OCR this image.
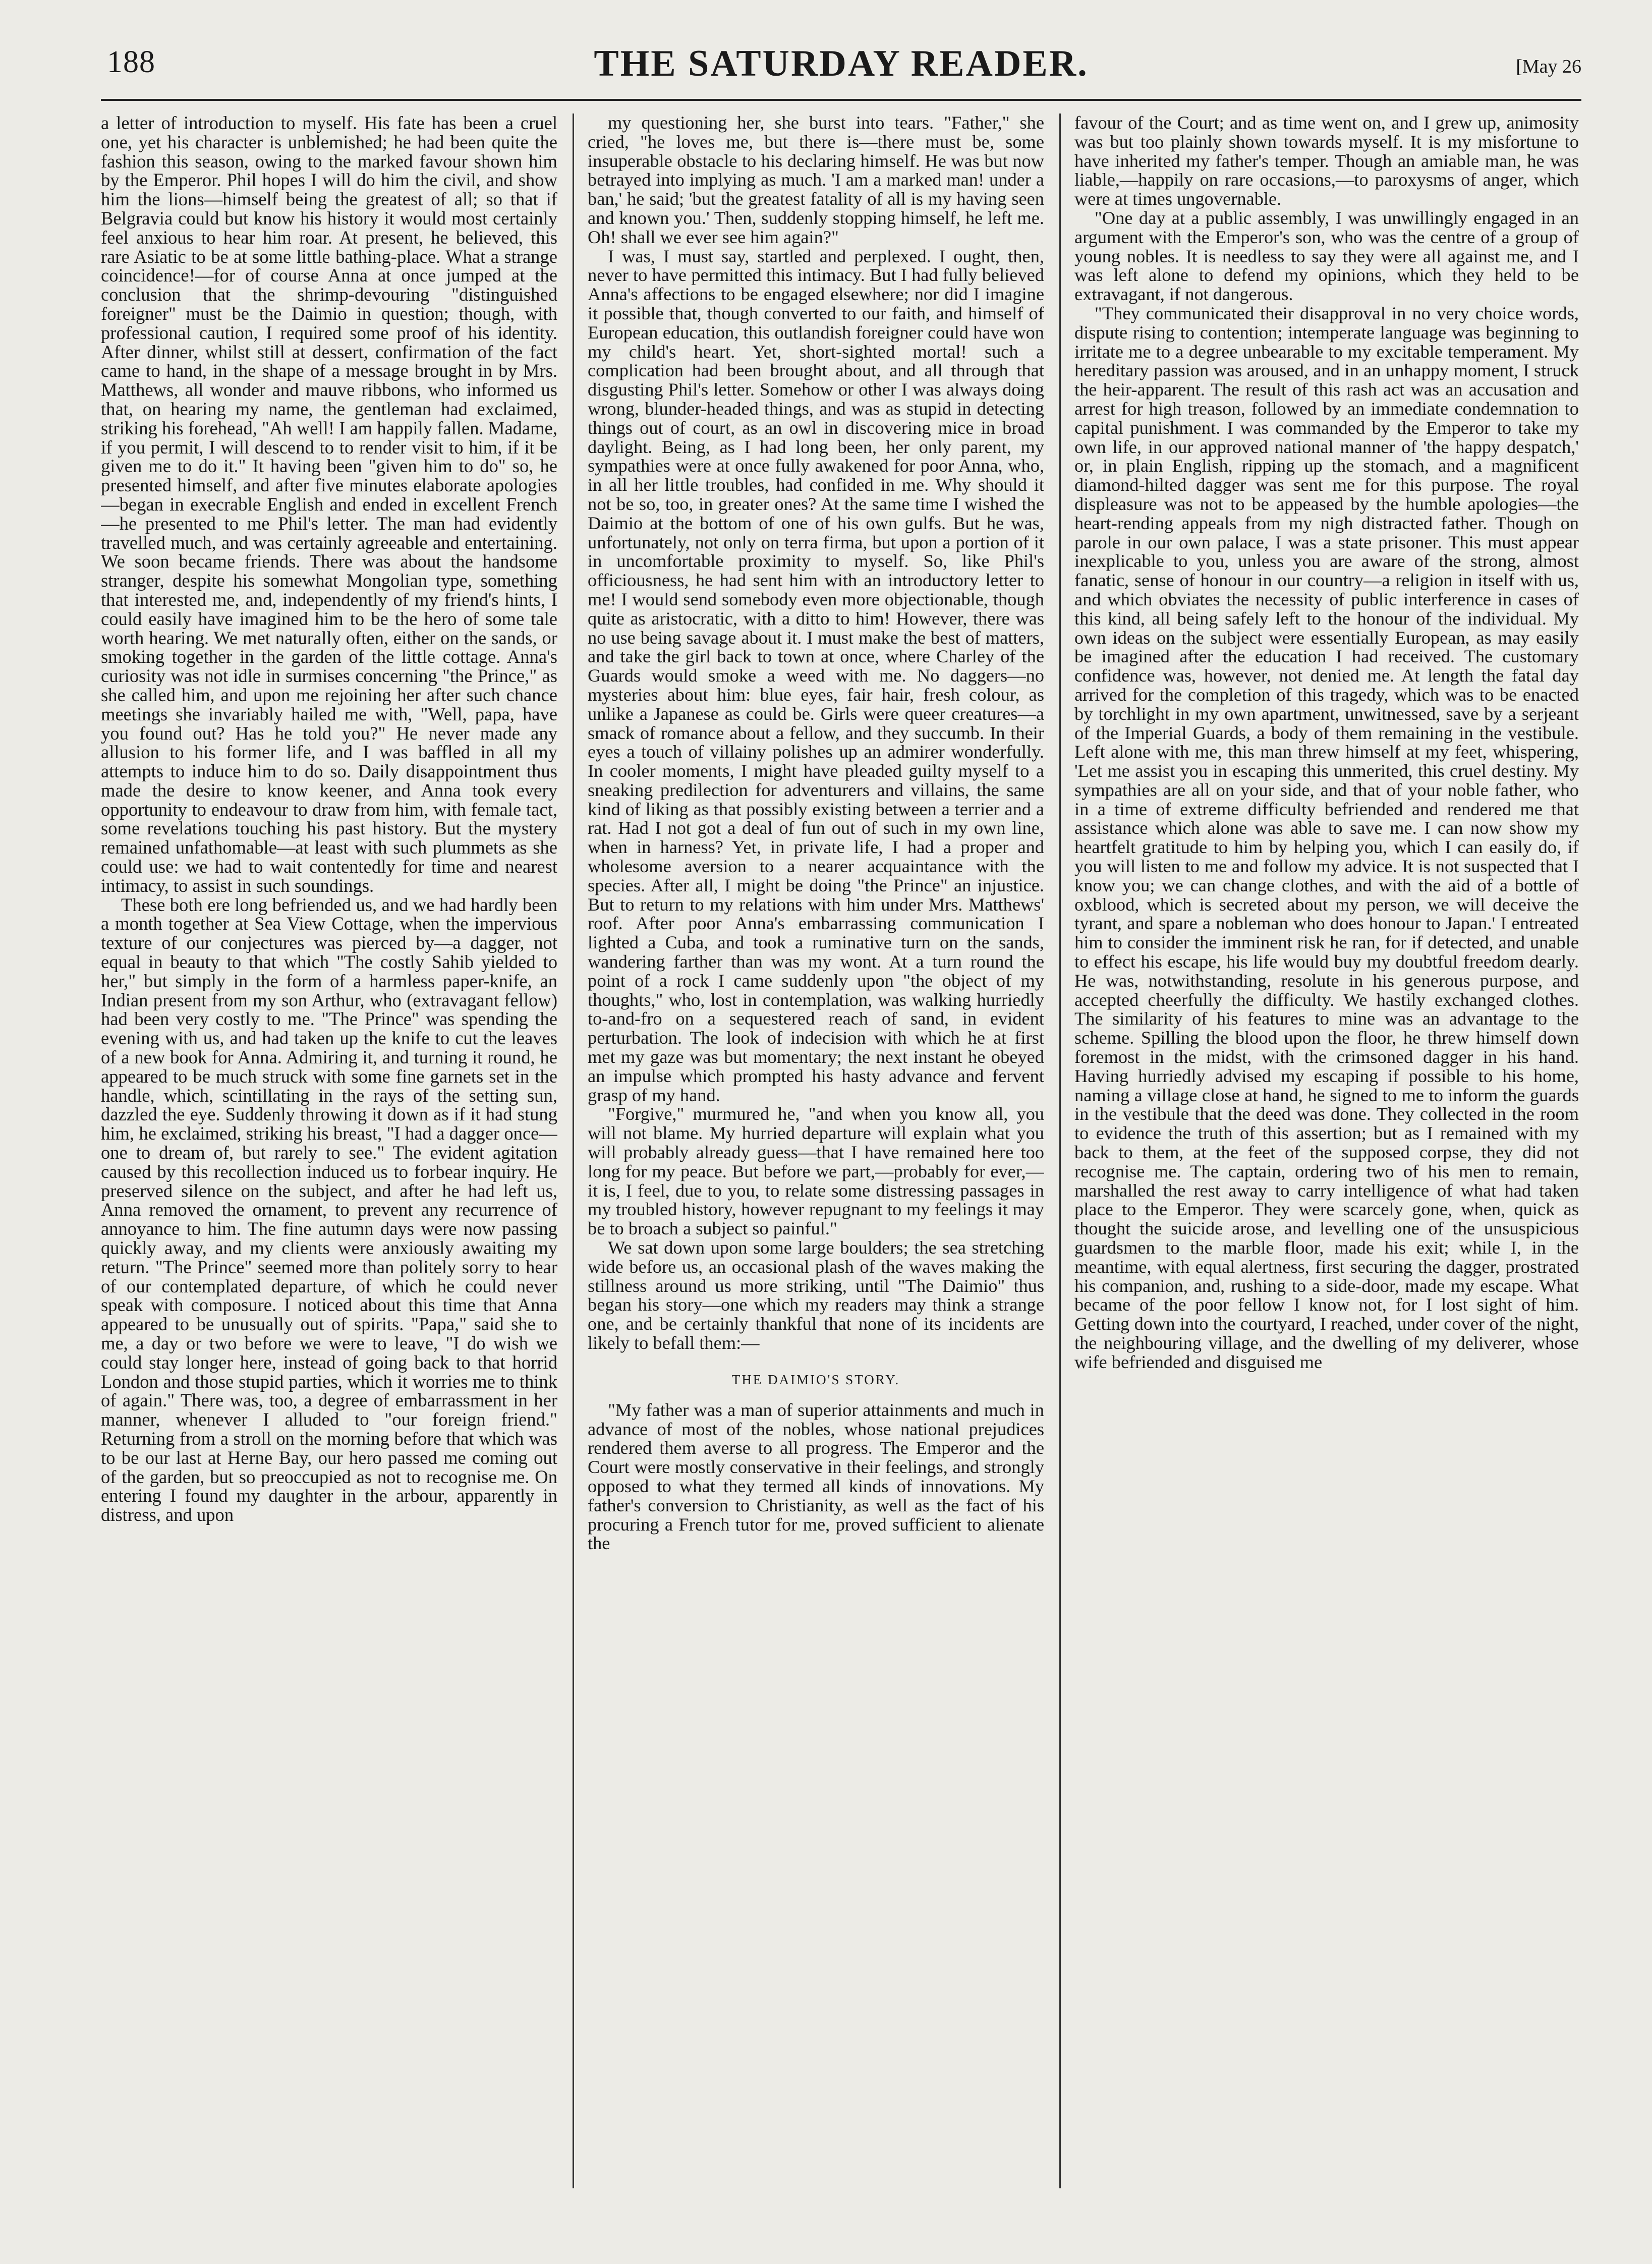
188	THE SATURDAY READER.	[May 26

a letter of introduction to myself. His fate has been a cruel one, yet his character is unblemished; he had been quite the fashion this season, owing to the marked favour shown him by the Emperor. Phil hopes I will do him the civil, and show him the lions—himself being the greatest of all; so that if Belgravia could but know his history it would most certainly feel anxious to hear him roar. At present, he believed, this rare Asiatic to be at some little bathing-place. What a strange coincidence!—for of course Anna at once jumped at the conclusion that the shrimp-devouring "distinguished foreigner" must be the Daimio in question; though, with professional caution, I required some proof of his identity. After dinner, whilst still at dessert, confirmation of the fact came to hand, in the shape of a message brought in by Mrs. Matthews, all wonder and mauve ribbons, who informed us that, on hearing my name, the gentleman had exclaimed, striking his forehead, "Ah well! I am happily fallen. Madame, if you permit, I will descend to to render visit to him, if it be given me to do it." It having been "given him to do" so, he presented himself, and after five minutes elaborate apologies—began in execrable English and ended in excellent French—he presented to me Phil's letter. The man had evidently travelled much, and was certainly agreeable and entertaining. We soon became friends. There was about the handsome stranger, despite his somewhat Mongolian type, something that interested me, and, independently of my friend's hints, I could easily have imagined him to be the hero of some tale worth hearing. We met naturally often, either on the sands, or smoking together in the garden of the little cottage. Anna's curiosity was not idle in surmises concerning "the Prince," as she called him, and upon me rejoining her after such chance meetings she invariably hailed me with, "Well, papa, have you found out? Has he told you?" He never made any allusion to his former life, and I was baffled in all my attempts to induce him to do so. Daily disappointment thus made the desire to know keener, and Anna took every opportunity to endeavour to draw from him, with female tact, some revelations touching his past history. But the mystery remained unfathomable—at least with such plummets as she could use: we had to wait contentedly for time and nearest intimacy, to assist in such soundings.

These both ere long befriended us, and we had hardly been a month together at Sea View Cottage, when the impervious texture of our conjectures was pierced by—a dagger, not equal in beauty to that which "The costly Sahib yielded to her," but simply in the form of a harmless paper-knife, an Indian present from my son Arthur, who (extravagant fellow) had been very costly to me. "The Prince" was spending the evening with us, and had taken up the knife to cut the leaves of a new book for Anna. Admiring it, and turning it round, he appeared to be much struck with some fine garnets set in the handle, which, scintillating in the rays of the setting sun, dazzled the eye. Suddenly throwing it down as if it had stung him, he exclaimed, striking his breast, "I had a dagger once—one to dream of, but rarely to see." The evident agitation caused by this recollection induced us to forbear inquiry. He preserved silence on the subject, and after he had left us, Anna removed the ornament, to prevent any recurrence of annoyance to him. The fine autumn days were now passing quickly away, and my clients were anxiously awaiting my return. "The Prince" seemed more than politely sorry to hear of our contemplated departure, of which he could never speak with composure. I noticed about this time that Anna appeared to be unusually out of spirits. "Papa," said she to me, a day or two before we were to leave, "I do wish we could stay longer here, instead of going back to that horrid London and those stupid parties, which it worries me to think of again." There was, too, a degree of embarrassment in her manner, whenever I alluded to "our foreign friend." Returning from a stroll on the morning before that which was to be our last at Herne Bay, our hero passed me coming out of the garden, but so preoccupied as not to recognise me. On entering I found my daughter in the arbour, apparently in distress, and upon

my questioning her, she burst into tears. "Father," she cried, "he loves me, but there is—there must be, some insuperable obstacle to his declaring himself. He was but now betrayed into implying as much. 'I am a marked man! under a ban,' he said; 'but the greatest fatality of all is my having seen and known you.' Then, suddenly stopping himself, he left me. Oh! shall we ever see him again?"

I was, I must say, startled and perplexed. I ought, then, never to have permitted this intimacy. But I had fully believed Anna's affections to be engaged elsewhere; nor did I imagine it possible that, though converted to our faith, and himself of European education, this outlandish foreigner could have won my child's heart. Yet, short-sighted mortal! such a complication had been brought about, and all through that disgusting Phil's letter. Somehow or other I was always doing wrong, blunder-headed things, and was as stupid in detecting things out of court, as an owl in discovering mice in broad daylight. Being, as I had long been, her only parent, my sympathies were at once fully awakened for poor Anna, who, in all her little troubles, had confided in me. Why should it not be so, too, in greater ones? At the same time I wished the Daimio at the bottom of one of his own gulfs. But he was, unfortunately, not only on terra firma, but upon a portion of it in uncomfortable proximity to myself. So, like Phil's officiousness, he had sent him with an introductory letter to me! I would send somebody even more objectionable, though quite as aristocratic, with a ditto to him! However, there was no use being savage about it. I must make the best of matters, and take the girl back to town at once, where Charley of the Guards would smoke a weed with me. No daggers—no mysteries about him: blue eyes, fair hair, fresh colour, as unlike a Japanese as could be. Girls were queer creatures—a smack of romance about a fellow, and they succumb. In their eyes a touch of villainy polishes up an admirer wonderfully. In cooler moments, I might have pleaded guilty myself to a sneaking predilection for adventurers and villains, the same kind of liking as that possibly existing between a terrier and a rat. Had I not got a deal of fun out of such in my own line, when in harness? Yet, in private life, I had a proper and wholesome aversion to a nearer acquaintance with the species. After all, I might be doing "the Prince" an injustice. But to return to my relations with him under Mrs. Matthews' roof. After poor Anna's embarrassing communication I lighted a Cuba, and took a ruminative turn on the sands, wandering farther than was my wont. At a turn round the point of a rock I came suddenly upon "the object of my thoughts," who, lost in contemplation, was walking hurriedly to-and-fro on a sequestered reach of sand, in evident perturbation. The look of indecision with which he at first met my gaze was but momentary; the next instant he obeyed an impulse which prompted his hasty advance and fervent grasp of my hand.

"Forgive," murmured he, "and when you know all, you will not blame. My hurried departure will explain what you will probably already guess—that I have remained here too long for my peace. But before we part,—probably for ever,—it is, I feel, due to you, to relate some distressing passages in my troubled history, however repugnant to my feelings it may be to broach a subject so painful."

We sat down upon some large boulders; the sea stretching wide before us, an occasional plash of the waves making the stillness around us more striking, until "The Daimio" thus began his story—one which my readers may think a strange one, and be certainly thankful that none of its incidents are likely to befall them:—

THE DAIMIO'S STORY.

"My father was a man of superior attainments and much in advance of most of the nobles, whose national prejudices rendered them averse to all progress. The Emperor and the Court were mostly conservative in their feelings, and strongly opposed to what they termed all kinds of innovations. My father's conversion to Christianity, as well as the fact of his procuring a French tutor for me, proved sufficient to alienate the

favour of the Court; and as time went on, and I grew up, animosity was but too plainly shown towards myself. It is my misfortune to have inherited my father's temper. Though an amiable man, he was liable,—happily on rare occasions,—to paroxysms of anger, which were at times ungovernable.

"One day at a public assembly, I was unwillingly engaged in an argument with the Emperor's son, who was the centre of a group of young nobles. It is needless to say they were all against me, and I was left alone to defend my opinions, which they held to be extravagant, if not dangerous.

"They communicated their disapproval in no very choice words, dispute rising to contention; intemperate language was beginning to irritate me to a degree unbearable to my excitable temperament. My hereditary passion was aroused, and in an unhappy moment, I struck the heir-apparent. The result of this rash act was an accusation and arrest for high treason, followed by an immediate condemnation to capital punishment. I was commanded by the Emperor to take my own life, in our approved national manner of 'the happy despatch,' or, in plain English, ripping up the stomach, and a magnificent diamond-hilted dagger was sent me for this purpose. The royal displeasure was not to be appeased by the humble apologies—the heart-rending appeals from my nigh distracted father. Though on parole in our own palace, I was a state prisoner. This must appear inexplicable to you, unless you are aware of the strong, almost fanatic, sense of honour in our country—a religion in itself with us, and which obviates the necessity of public interference in cases of this kind, all being safely left to the honour of the individual. My own ideas on the subject were essentially European, as may easily be imagined after the education I had received. The customary confidence was, however, not denied me. At length the fatal day arrived for the completion of this tragedy, which was to be enacted by torchlight in my own apartment, unwitnessed, save by a serjeant of the Imperial Guards, a body of them remaining in the vestibule. Left alone with me, this man threw himself at my feet, whispering, 'Let me assist you in escaping this unmerited, this cruel destiny. My sympathies are all on your side, and that of your noble father, who in a time of extreme difficulty befriended and rendered me that assistance which alone was able to save me. I can now show my heartfelt gratitude to him by helping you, which I can easily do, if you will listen to me and follow my advice. It is not suspected that I know you; we can change clothes, and with the aid of a bottle of oxblood, which is secreted about my person, we will deceive the tyrant, and spare a nobleman who does honour to Japan.' I entreated him to consider the imminent risk he ran, for if detected, and unable to effect his escape, his life would buy my doubtful freedom dearly. He was, notwithstanding, resolute in his generous purpose, and accepted cheerfully the difficulty. We hastily exchanged clothes. The similarity of his features to mine was an advantage to the scheme. Spilling the blood upon the floor, he threw himself down foremost in the midst, with the crimsoned dagger in his hand. Having hurriedly advised my escaping if possible to his home, naming a village close at hand, he signed to me to inform the guards in the vestibule that the deed was done. They collected in the room to evidence the truth of this assertion; but as I remained with my back to them, at the feet of the supposed corpse, they did not recognise me. The captain, ordering two of his men to remain, marshalled the rest away to carry intelligence of what had taken place to the Emperor. They were scarcely gone, when, quick as thought the suicide arose, and levelling one of the unsuspicious guardsmen to the marble floor, made his exit; while I, in the meantime, with equal alertness, first securing the dagger, prostrated his companion, and, rushing to a side-door, made my escape. What became of the poor fellow I know not, for I lost sight of him. Getting down into the courtyard, I reached, under cover of the night, the neighbouring village, and the dwelling of my deliverer, whose wife befriended and disguised me
